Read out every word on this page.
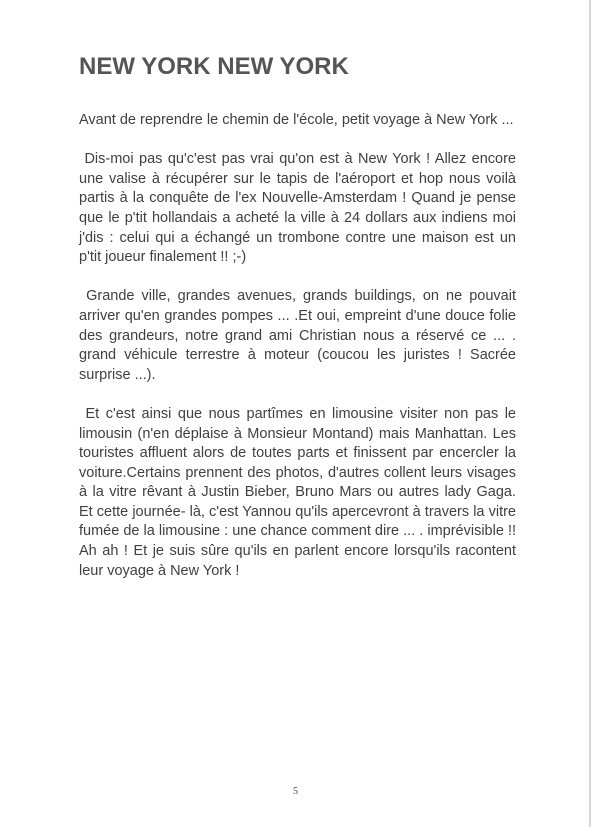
NEW YORK NEW YORK

Avant de reprendre le chemin de l'école, petit voyage à New York ...

Dis-moi pas qu'c'est pas vrai qu'on est à New York ! Allez encore une valise à récupérer sur le tapis de l'aéroport et hop nous voilà partis à la conquête de l'ex Nouvelle-Amsterdam ! Quand je pense que le p'tit hollandais a acheté la ville à 24 dollars aux indiens moi j'dis : celui qui a échangé un trombone contre une maison est un p'tit joueur finalement !! ;-)

Grande ville, grandes avenues, grands buildings, on ne pouvait arriver qu'en grandes pompes ... .Et oui, empreint d'une douce folie des grandeurs, notre grand ami Christian nous a réservé ce ... . grand véhicule terrestre à moteur (coucou les juristes ! Sacrée surprise ...).

Et c'est ainsi que nous partîmes en limousine visiter non pas le limousin (n'en déplaise à Monsieur Montand) mais Manhattan. Les touristes affluent alors de toutes parts et finissent par encercler la voiture.Certains prennent des photos, d'autres collent leurs visages à la vitre rêvant à Justin Bieber, Bruno Mars ou autres lady Gaga. Et cette journée- là, c'est Yannou qu'ils apercevront à travers la vitre fumée de la limousine : une chance comment dire ... . imprévisible !! Ah ah ! Et je suis sûre qu'ils en parlent encore lorsqu'ils racontent leur voyage à New York !

5
